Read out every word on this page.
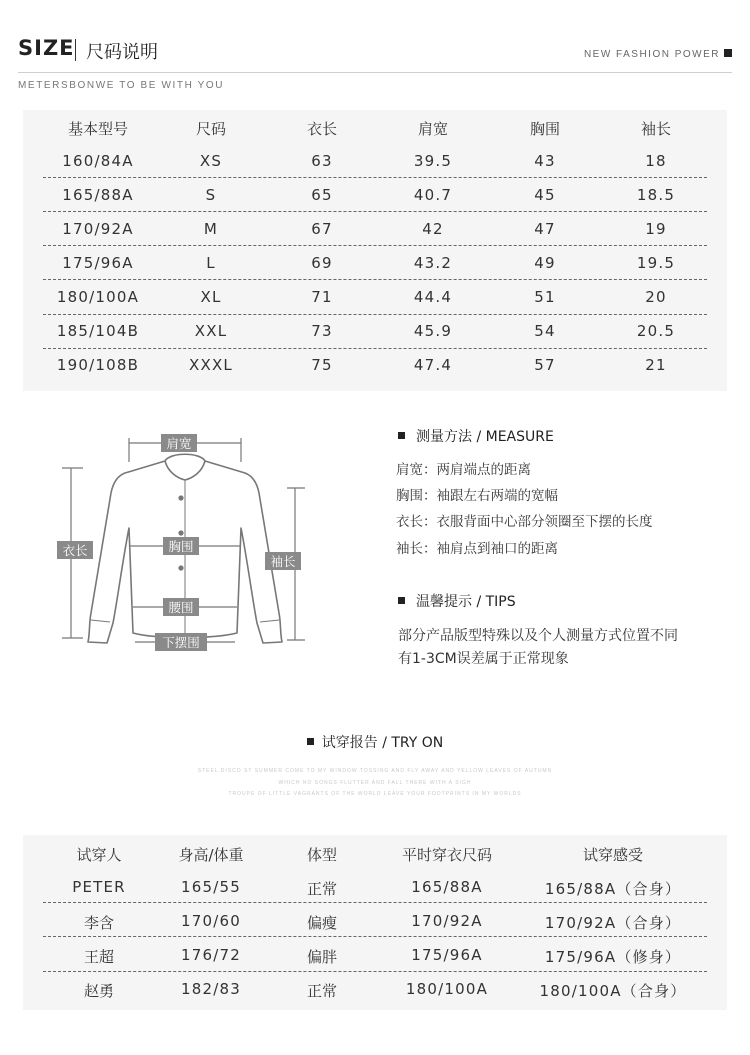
SIZE 尺码说明	NEW FASHION POWER
METERSBONWE TO BE WITH YOU
基本型号	尺码	衣长	肩宽	胸围	袖长
160/84A	XS	63	39.5	43	18
165/88A	S	65	40.7	45	18.5
170/92A	M	67	42	47	19
175/96A	L	69	43.2	49	19.5
180/100A	XL	71	44.4	51	20
185/104B	XXL	73	45.9	54	20.5
190/108B	XXXL	75	47.4	57	21
肩宽
衣长	胸围
袖长
腰围
下摆围
测量方法 / MEASURE
肩宽：两肩端点的距离
胸围：袖跟左右两端的宽幅
衣长：衣服背面中心部分领圈至下摆的长度
袖长：袖肩点到袖口的距离
温馨提示 / TIPS
部分产品版型特殊以及个人测量方式位置不同
有1-3CM误差属于正常现象
试穿报告 / TRY ON
STEEL DISCO ST SUMMER COME TO MY WINDOW TOSSING AND FLY AWAY AND YELLOW LEAVES OF AUTUMN
WHICH NO SONGS FLUTTER AND FALL THERE WITH A SIGH
TROUPE OF LITTLE VAGRANTS OF THE WORLD LEAVE YOUR FOOTPRINTS IN MY WORLDS
试穿人	身高/体重	体型	平时穿衣尺码	试穿感受
PETER	165/55	正常	165/88A	165/88A（合身）
李含	170/60	偏瘦	170/92A	170/92A（合身）
王超	176/72	偏胖	175/96A	175/96A（修身）
赵勇	182/83	正常	180/100A	180/100A（合身）
